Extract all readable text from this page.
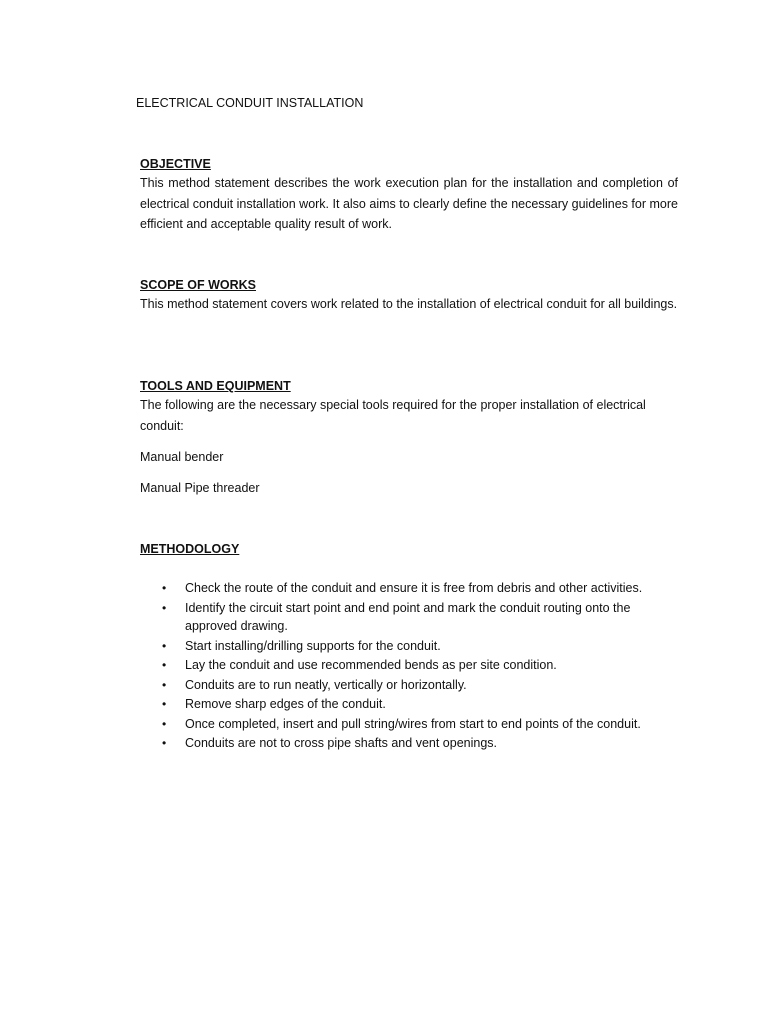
ELECTRICAL CONDUIT INSTALLATION
OBJECTIVE

This method statement describes the work execution plan for the installation and completion of electrical conduit installation work. It also aims to clearly define the necessary guidelines for more efficient and acceptable quality result of work.

SCOPE OF WORKS

This method statement covers work related to the installation of electrical conduit for all buildings.

TOOLS AND EQUIPMENT

The following are the necessary special tools required for the proper installation of electrical conduit:

Manual bender

Manual Pipe threader

METHODOLOGY
• Check the route of the conduit and ensure it is free from debris and other activities.
• Identify the circuit start point and end point and mark the conduit routing onto the approved drawing.
• Start installing/drilling supports for the conduit.
• Lay the conduit and use recommended bends as per site condition.
• Conduits are to run neatly, vertically or horizontally.
• Remove sharp edges of the conduit.
• Once completed, insert and pull string/wires from start to end points of the conduit.
• Conduits are not to cross pipe shafts and vent openings.
